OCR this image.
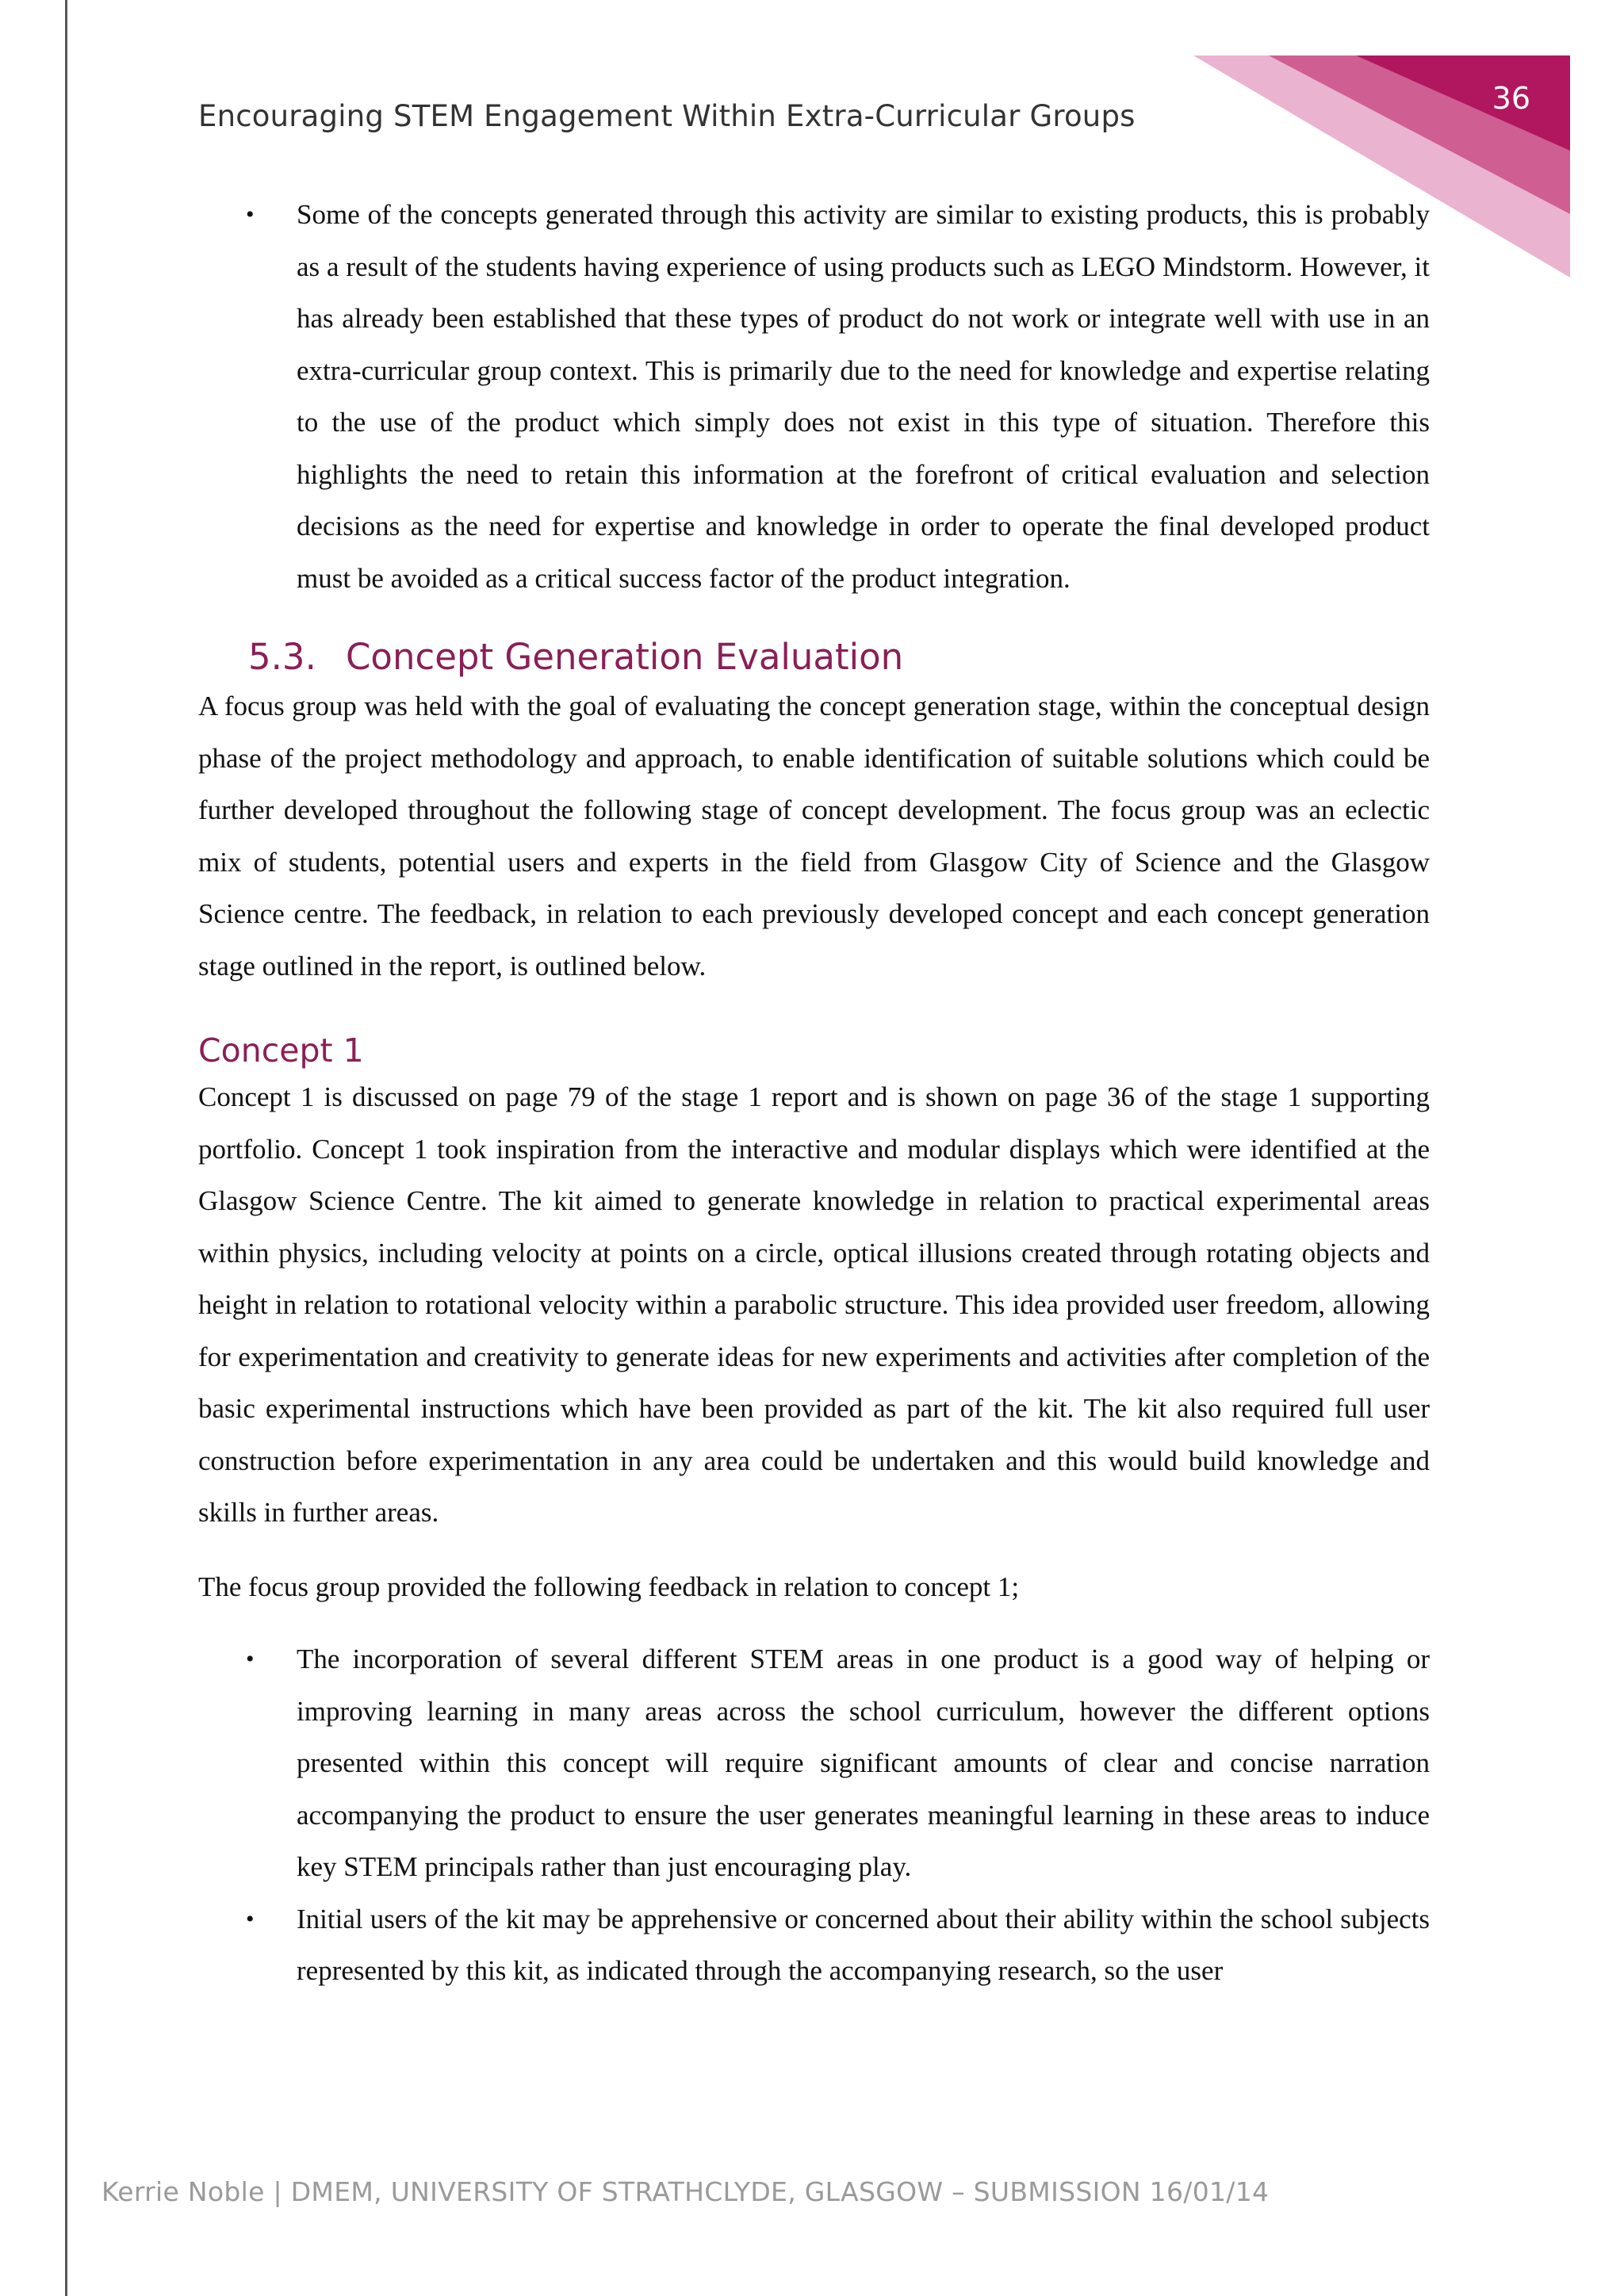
36
Encouraging STEM Engagement Within Extra-Curricular Groups
• Some of the concepts generated through this activity are similar to existing products, this is probably as a result of the students having experience of using products such as LEGO Mindstorm. However, it has already been established that these types of product do not work or integrate well with use in an extra-curricular group context. This is primarily due to the need for knowledge and expertise relating to the use of the product which simply does not exist in this type of situation. Therefore this highlights the need to retain this information at the forefront of critical evaluation and selection decisions as the need for expertise and knowledge in order to operate the final developed product must be avoided as a critical success factor of the product integration.
5.3. Concept Generation Evaluation

A focus group was held with the goal of evaluating the concept generation stage, within the conceptual design phase of the project methodology and approach, to enable identification of suitable solutions which could be further developed throughout the following stage of concept development. The focus group was an eclectic mix of students, potential users and experts in the field from Glasgow City of Science and the Glasgow Science centre. The feedback, in relation to each previously developed concept and each concept generation stage outlined in the report, is outlined below.

Concept 1

Concept 1 is discussed on page 79 of the stage 1 report and is shown on page 36 of the stage 1 supporting portfolio. Concept 1 took inspiration from the interactive and modular displays which were identified at the Glasgow Science Centre. The kit aimed to generate knowledge in relation to practical experimental areas within physics, including velocity at points on a circle, optical illusions created through rotating objects and height in relation to rotational velocity within a parabolic structure. This idea provided user freedom, allowing for experimentation and creativity to generate ideas for new experiments and activities after completion of the basic experimental instructions which have been provided as part of the kit. The kit also required full user construction before experimentation in any area could be undertaken and this would build knowledge and skills in further areas.

The focus group provided the following feedback in relation to concept 1;

• The incorporation of several different STEM areas in one product is a good way of helping or improving learning in many areas across the school curriculum, however the different options presented within this concept will require significant amounts of clear and concise narration accompanying the product to ensure the user generates meaningful learning in these areas to induce key STEM principals rather than just encouraging play.
• Initial users of the kit may be apprehensive or concerned about their ability within the school subjects represented by this kit, as indicated through the accompanying research, so the user
Kerrie Noble | DMEM, UNIVERSITY OF STRATHCLYDE, GLASGOW – SUBMISSION 16/01/14
